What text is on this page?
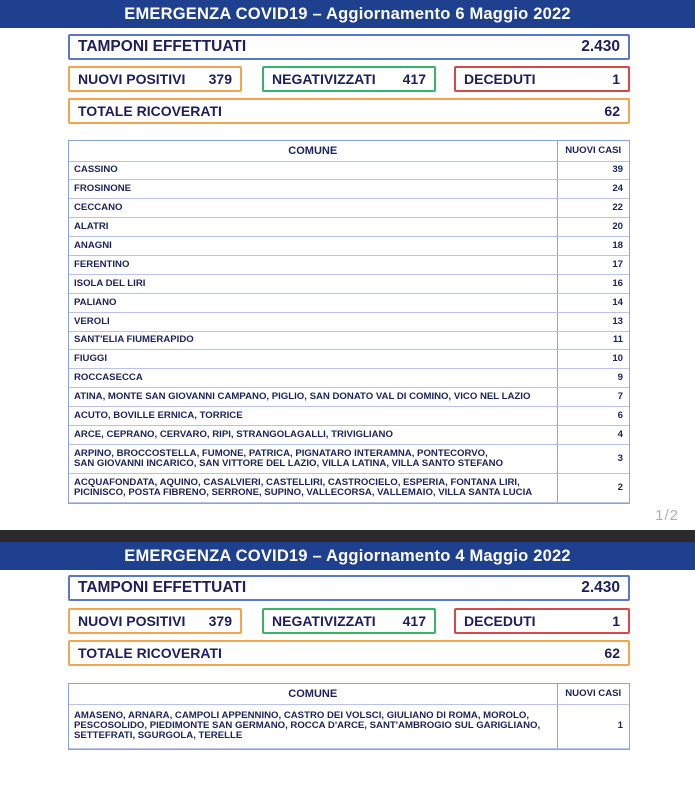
EMERGENZA COVID19 – Aggiornamento 6 Maggio 2022
TAMPONI EFFETTUATI	2.430
NUOVI POSITIVI 379	NEGATIVIZZATI 417	DECEDUTI	1
TOTALE RICOVERATI	62
COMUNE	NUOVI CASI
CASSINO	39
FROSINONE	24
CECCANO	22
ALATRI	20
ANAGNI	18
FERENTINO	17
ISOLA DEL LIRI	16
PALIANO	14
VEROLI	13
SANT'ELIA FIUMERAPIDO	11
FIUGGI	10
ROCCASECCA	9
ATINA, MONTE SAN GIOVANNI CAMPANO, PIGLIO, SAN DONATO VAL DI COMINO, VICO NEL LAZIO	7
ACUTO, BOVILLE ERNICA, TORRICE	6
ARCE, CEPRANO, CERVARO, RIPI, STRANGOLAGALLI, TRIVIGLIANO	4

ARPINO, BROCCOSTELLA, FUMONE, PATRICA, PIGNATARO INTERAMNA, PONTECORVO,
SAN GIOVANNI INCARICO, SAN VITTORE DEL LAZIO, VILLA LATINA, VILLA SANTO STEFANO	3

ACQUAFONDATA, AQUINO, CASALVIERI, CASTELLIRI, CASTROCIELO, ESPERIA, FONTANA LIRI,
PICINISCO, POSTA FIBRENO, SERRONE, SUPINO, VALLECORSA, VALLEMAIO, VILLA SANTA LUCIA	2
1/2
EMERGENZA COVID19 – Aggiornamento 4 Maggio 2022
TAMPONI EFFETTUATI	2.430
NUOVI POSITIVI 379	NEGATIVIZZATI 417	DECEDUTI	1
TOTALE RICOVERATI	62
COMUNE	NUOVI CASI

AMASENO, ARNARA, CAMPOLI APPENNINO, CASTRO DEI VOLSCI, GIULIANO DI ROMA, MOROLO,
PESCOSOLIDO, PIEDIMONTE SAN GERMANO, ROCCA D'ARCE, SANT'AMBROGIO SUL GARIGLIANO,
SETTEFRATI, SGURGOLA, TERELLE	1
